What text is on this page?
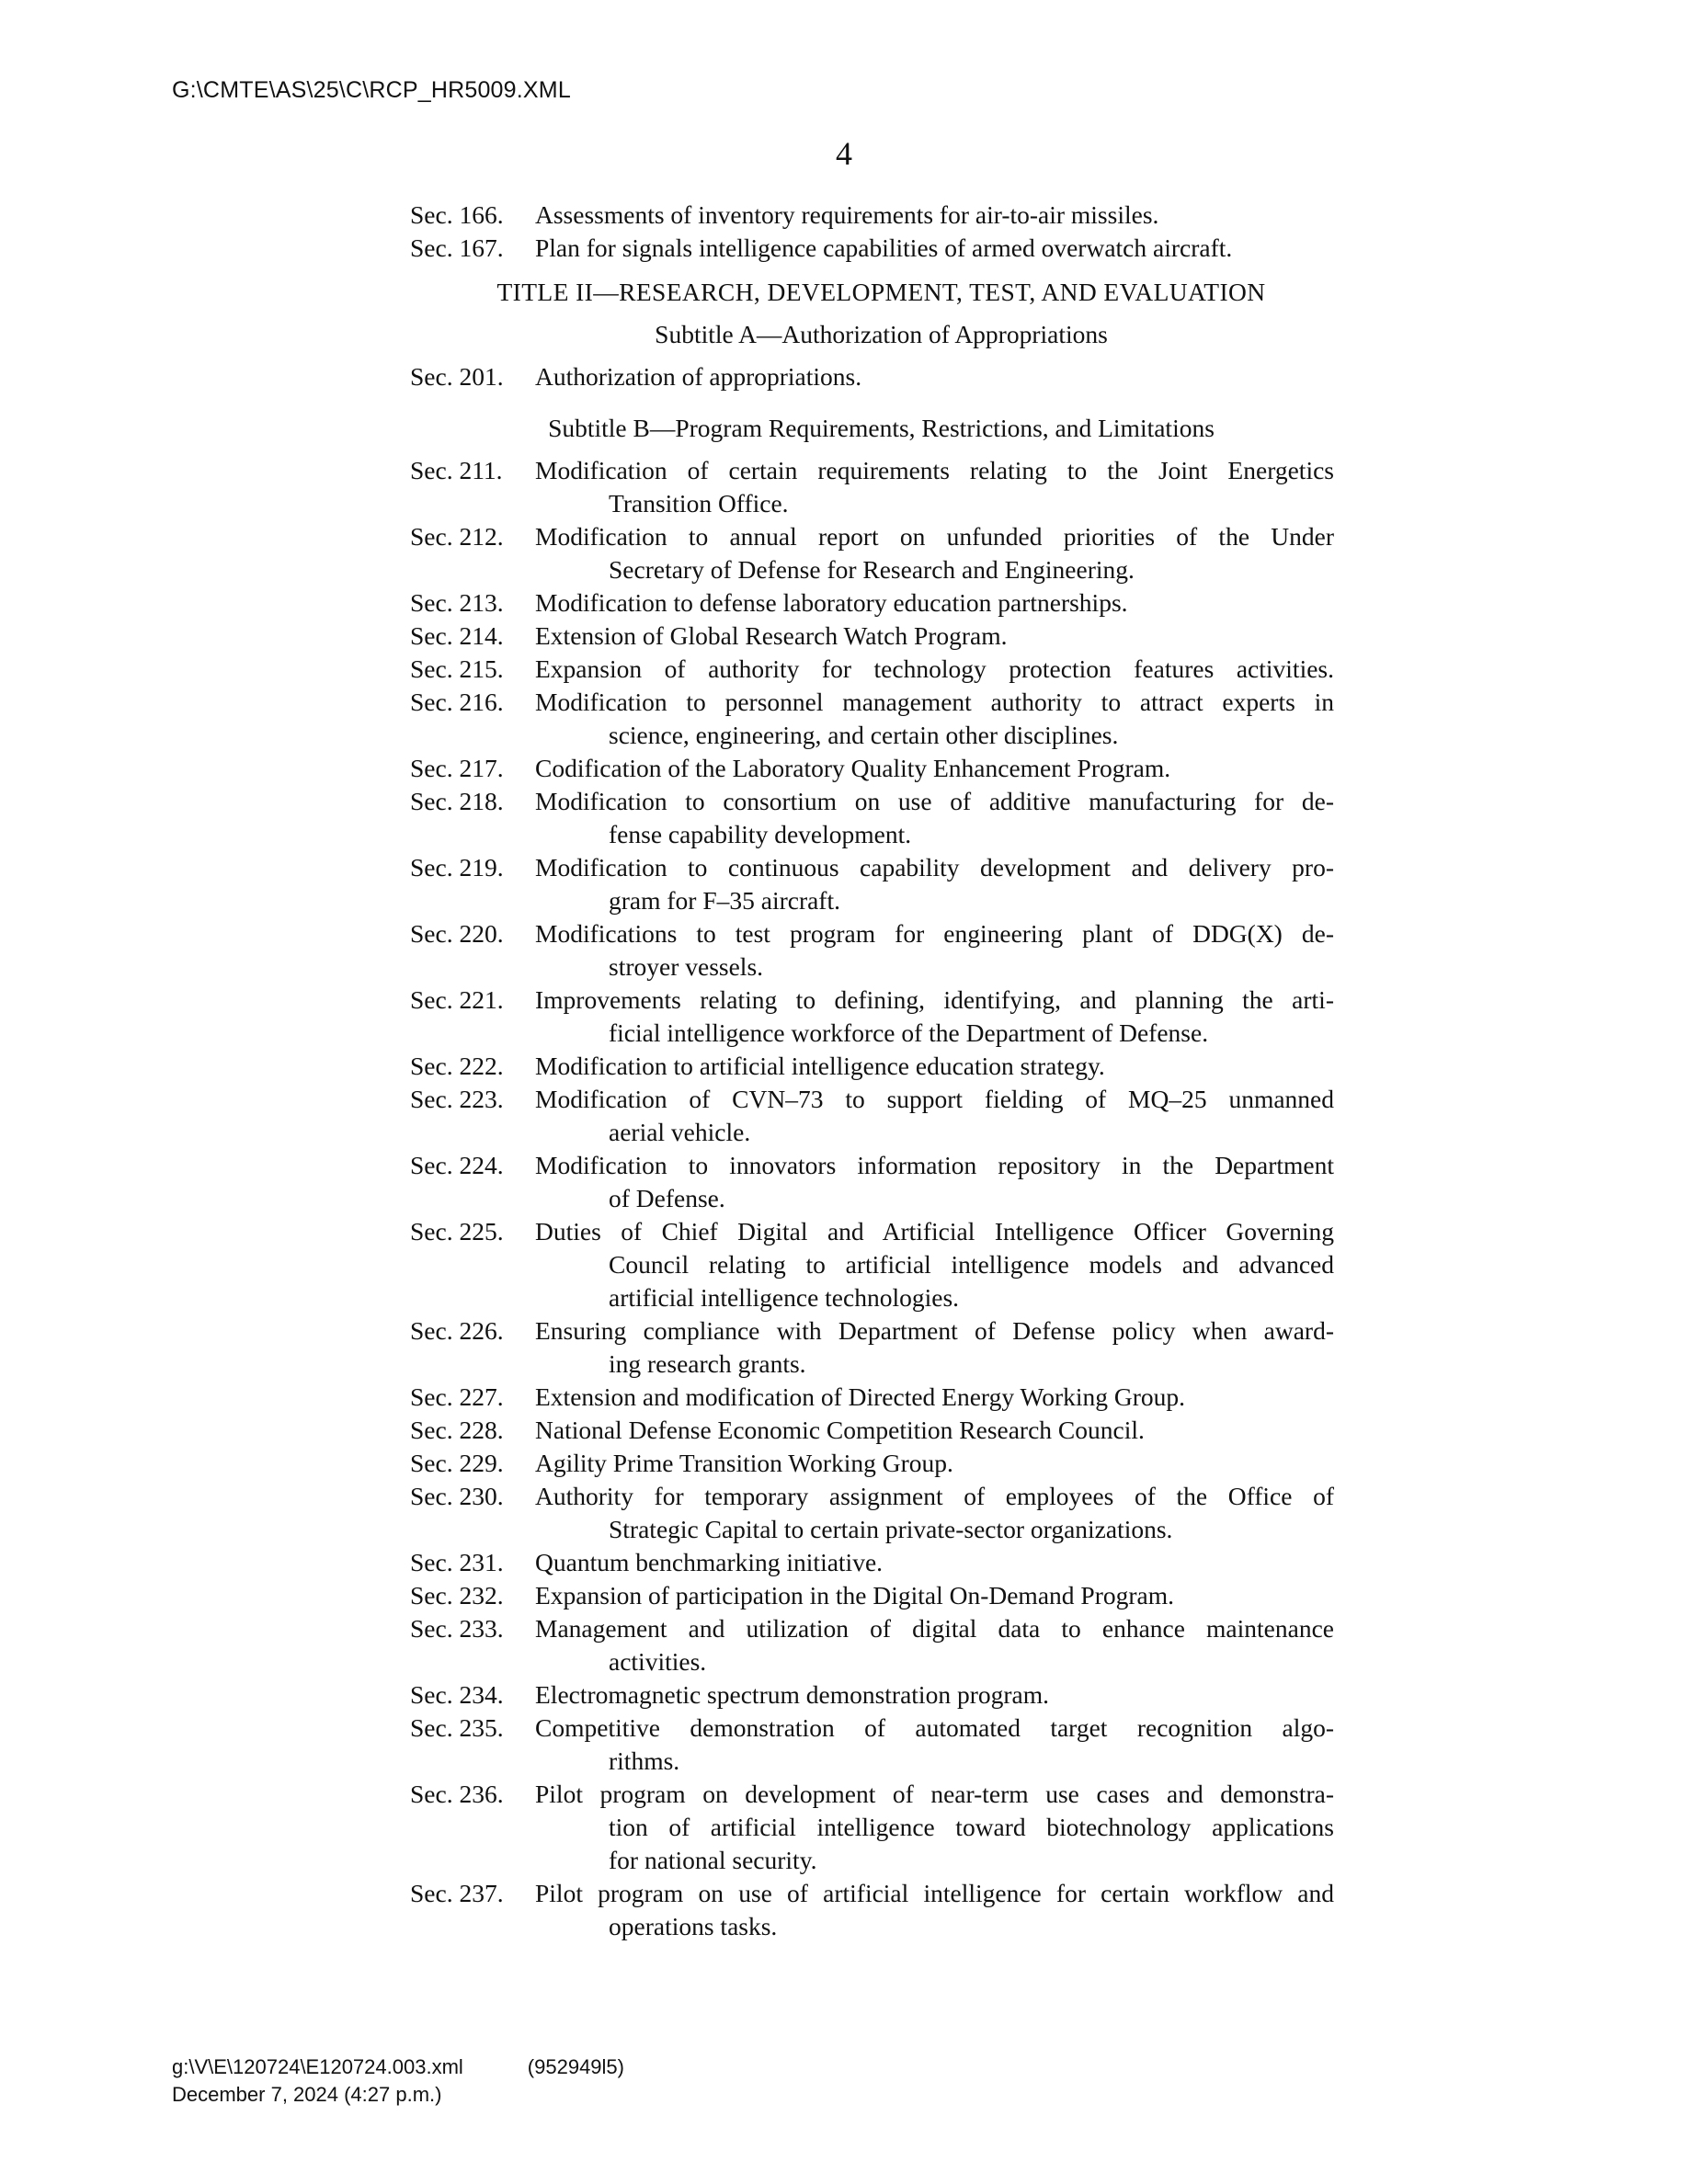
G:\CMTE\AS\25\C\RCP_HR5009.XML
4
Sec. 166.	Assessments of inventory requirements for air-to-air missiles.
Sec. 167.	Plan for signals intelligence capabilities of armed overwatch aircraft.
TITLE II—RESEARCH, DEVELOPMENT, TEST, AND EVALUATION
Subtitle A—Authorization of Appropriations
Sec. 201.	Authorization of appropriations.
Subtitle B—Program Requirements, Restrictions, and Limitations
Sec. 211.	Modification of certain requirements relating to the Joint Energetics
Transition Office.
Sec. 212.	Modification to annual report on unfunded priorities of the Under
Secretary of Defense for Research and Engineering.
Sec. 213.	Modification to defense laboratory education partnerships.
Sec. 214.	Extension of Global Research Watch Program.
Sec. 215.	Expansion of authority for technology protection features activities.
Sec. 216.	Modification to personnel management authority to attract experts in
science, engineering, and certain other disciplines.
Sec. 217.	Codification of the Laboratory Quality Enhancement Program.
Sec. 218.	Modification to consortium on use of additive manufacturing for de-
fense capability development.
Sec. 219.	Modification to continuous capability development and delivery pro-
gram for F–35 aircraft.
Sec. 220.	Modifications to test program for engineering plant of DDG(X) de-
stroyer vessels.
Sec. 221.	Improvements relating to defining, identifying, and planning the arti-
ficial intelligence workforce of the Department of Defense.
Sec. 222.	Modification to artificial intelligence education strategy.
Sec. 223.	Modification of CVN–73 to support fielding of MQ–25 unmanned
aerial vehicle.
Sec. 224.	Modification to innovators information repository in the Department
of Defense.
Sec. 225.	Duties of Chief Digital and Artificial Intelligence Officer Governing
Council relating to artificial intelligence models and advanced
artificial intelligence technologies.
Sec. 226.	Ensuring compliance with Department of Defense policy when award-
ing research grants.
Sec. 227.	Extension and modification of Directed Energy Working Group.
Sec. 228.	National Defense Economic Competition Research Council.
Sec. 229.	Agility Prime Transition Working Group.
Sec. 230.	Authority for temporary assignment of employees of the Office of
Strategic Capital to certain private-sector organizations.
Sec. 231.	Quantum benchmarking initiative.
Sec. 232.	Expansion of participation in the Digital On-Demand Program.
Sec. 233.	Management and utilization of digital data to enhance maintenance
activities.
Sec. 234.	Electromagnetic spectrum demonstration program.
Sec. 235.	Competitive demonstration of automated target recognition algo-
rithms.
Sec. 236.	Pilot program on development of near-term use cases and demonstra-
tion of artificial intelligence toward biotechnology applications
for national security.
Sec. 237.	Pilot program on use of artificial intelligence for certain workflow and
operations tasks.
g:\V\E\120724\E120724.003.xml	(952949l5)
December 7, 2024 (4:27 p.m.)
